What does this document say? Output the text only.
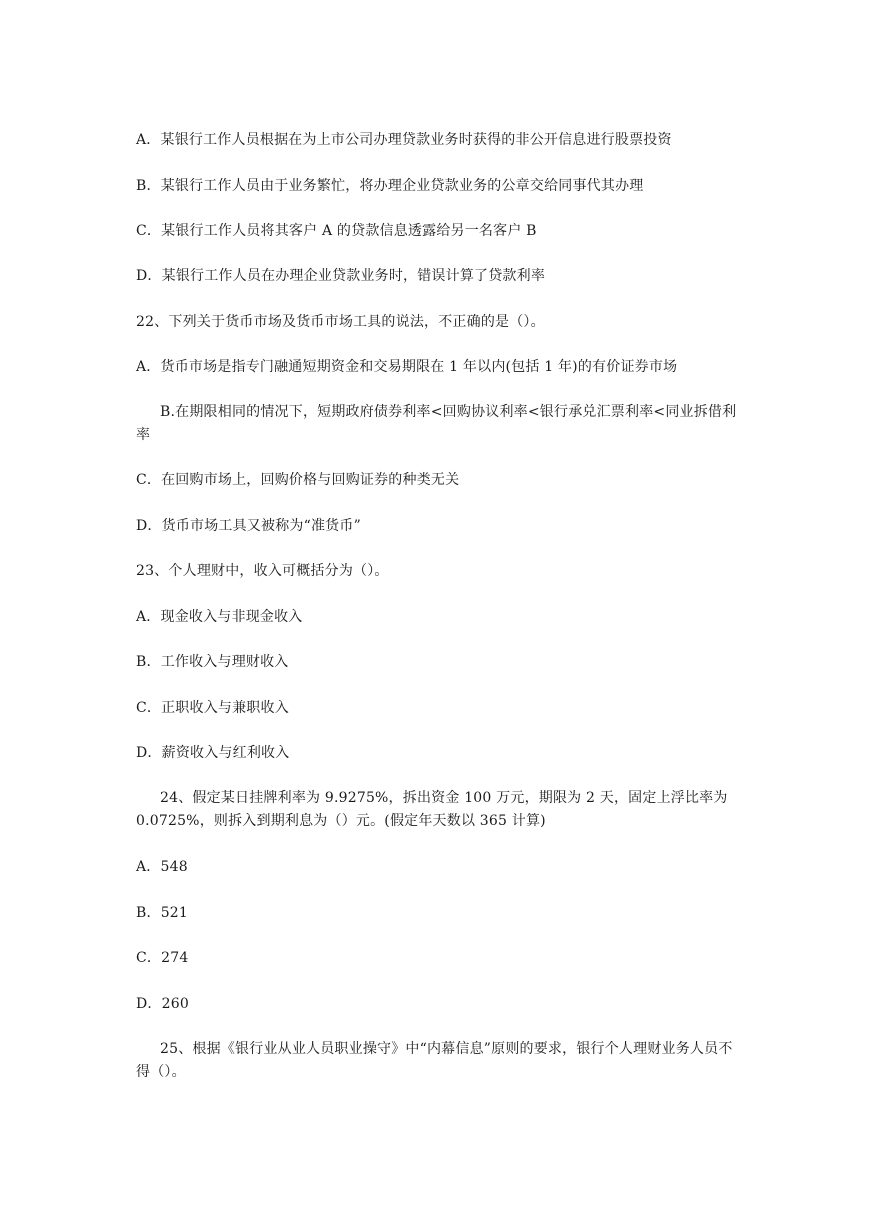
A．某银行工作人员根据在为上市公司办理贷款业务时获得的非公开信息进行股票投资
B．某银行工作人员由于业务繁忙，将办理企业贷款业务的公章交给同事代其办理
C．某银行工作人员将其客户 A 的贷款信息透露给另一名客户 B
D．某银行工作人员在办理企业贷款业务时，错误计算了贷款利率
22、下列关于货币市场及货币市场工具的说法，不正确的是（）。
A．货币市场是指专门融通短期资金和交易期限在 1 年以内(包括 1 年)的有价证券市场
B.在期限相同的情况下，短期政府债券利率<回购协议利率<银行承兑汇票利率<同业拆借利率
C．在回购市场上，回购价格与回购证券的种类无关
D．货币市场工具又被称为“准货币”
23、个人理财中，收入可概括分为（）。
A．现金收入与非现金收入
B．工作收入与理财收入
C．正职收入与兼职收入
D．薪资收入与红利收入
24、假定某日挂牌利率为 9.9275%，拆出资金 100 万元，期限为 2 天，固定上浮比率为 0.0725%，则拆入到期利息为（）元。(假定年天数以 365 计算)
A．548
B．521
C．274
D．260
25、根据《银行业从业人员职业操守》中“内幕信息”原则的要求，银行个人理财业务人员不得（）。
